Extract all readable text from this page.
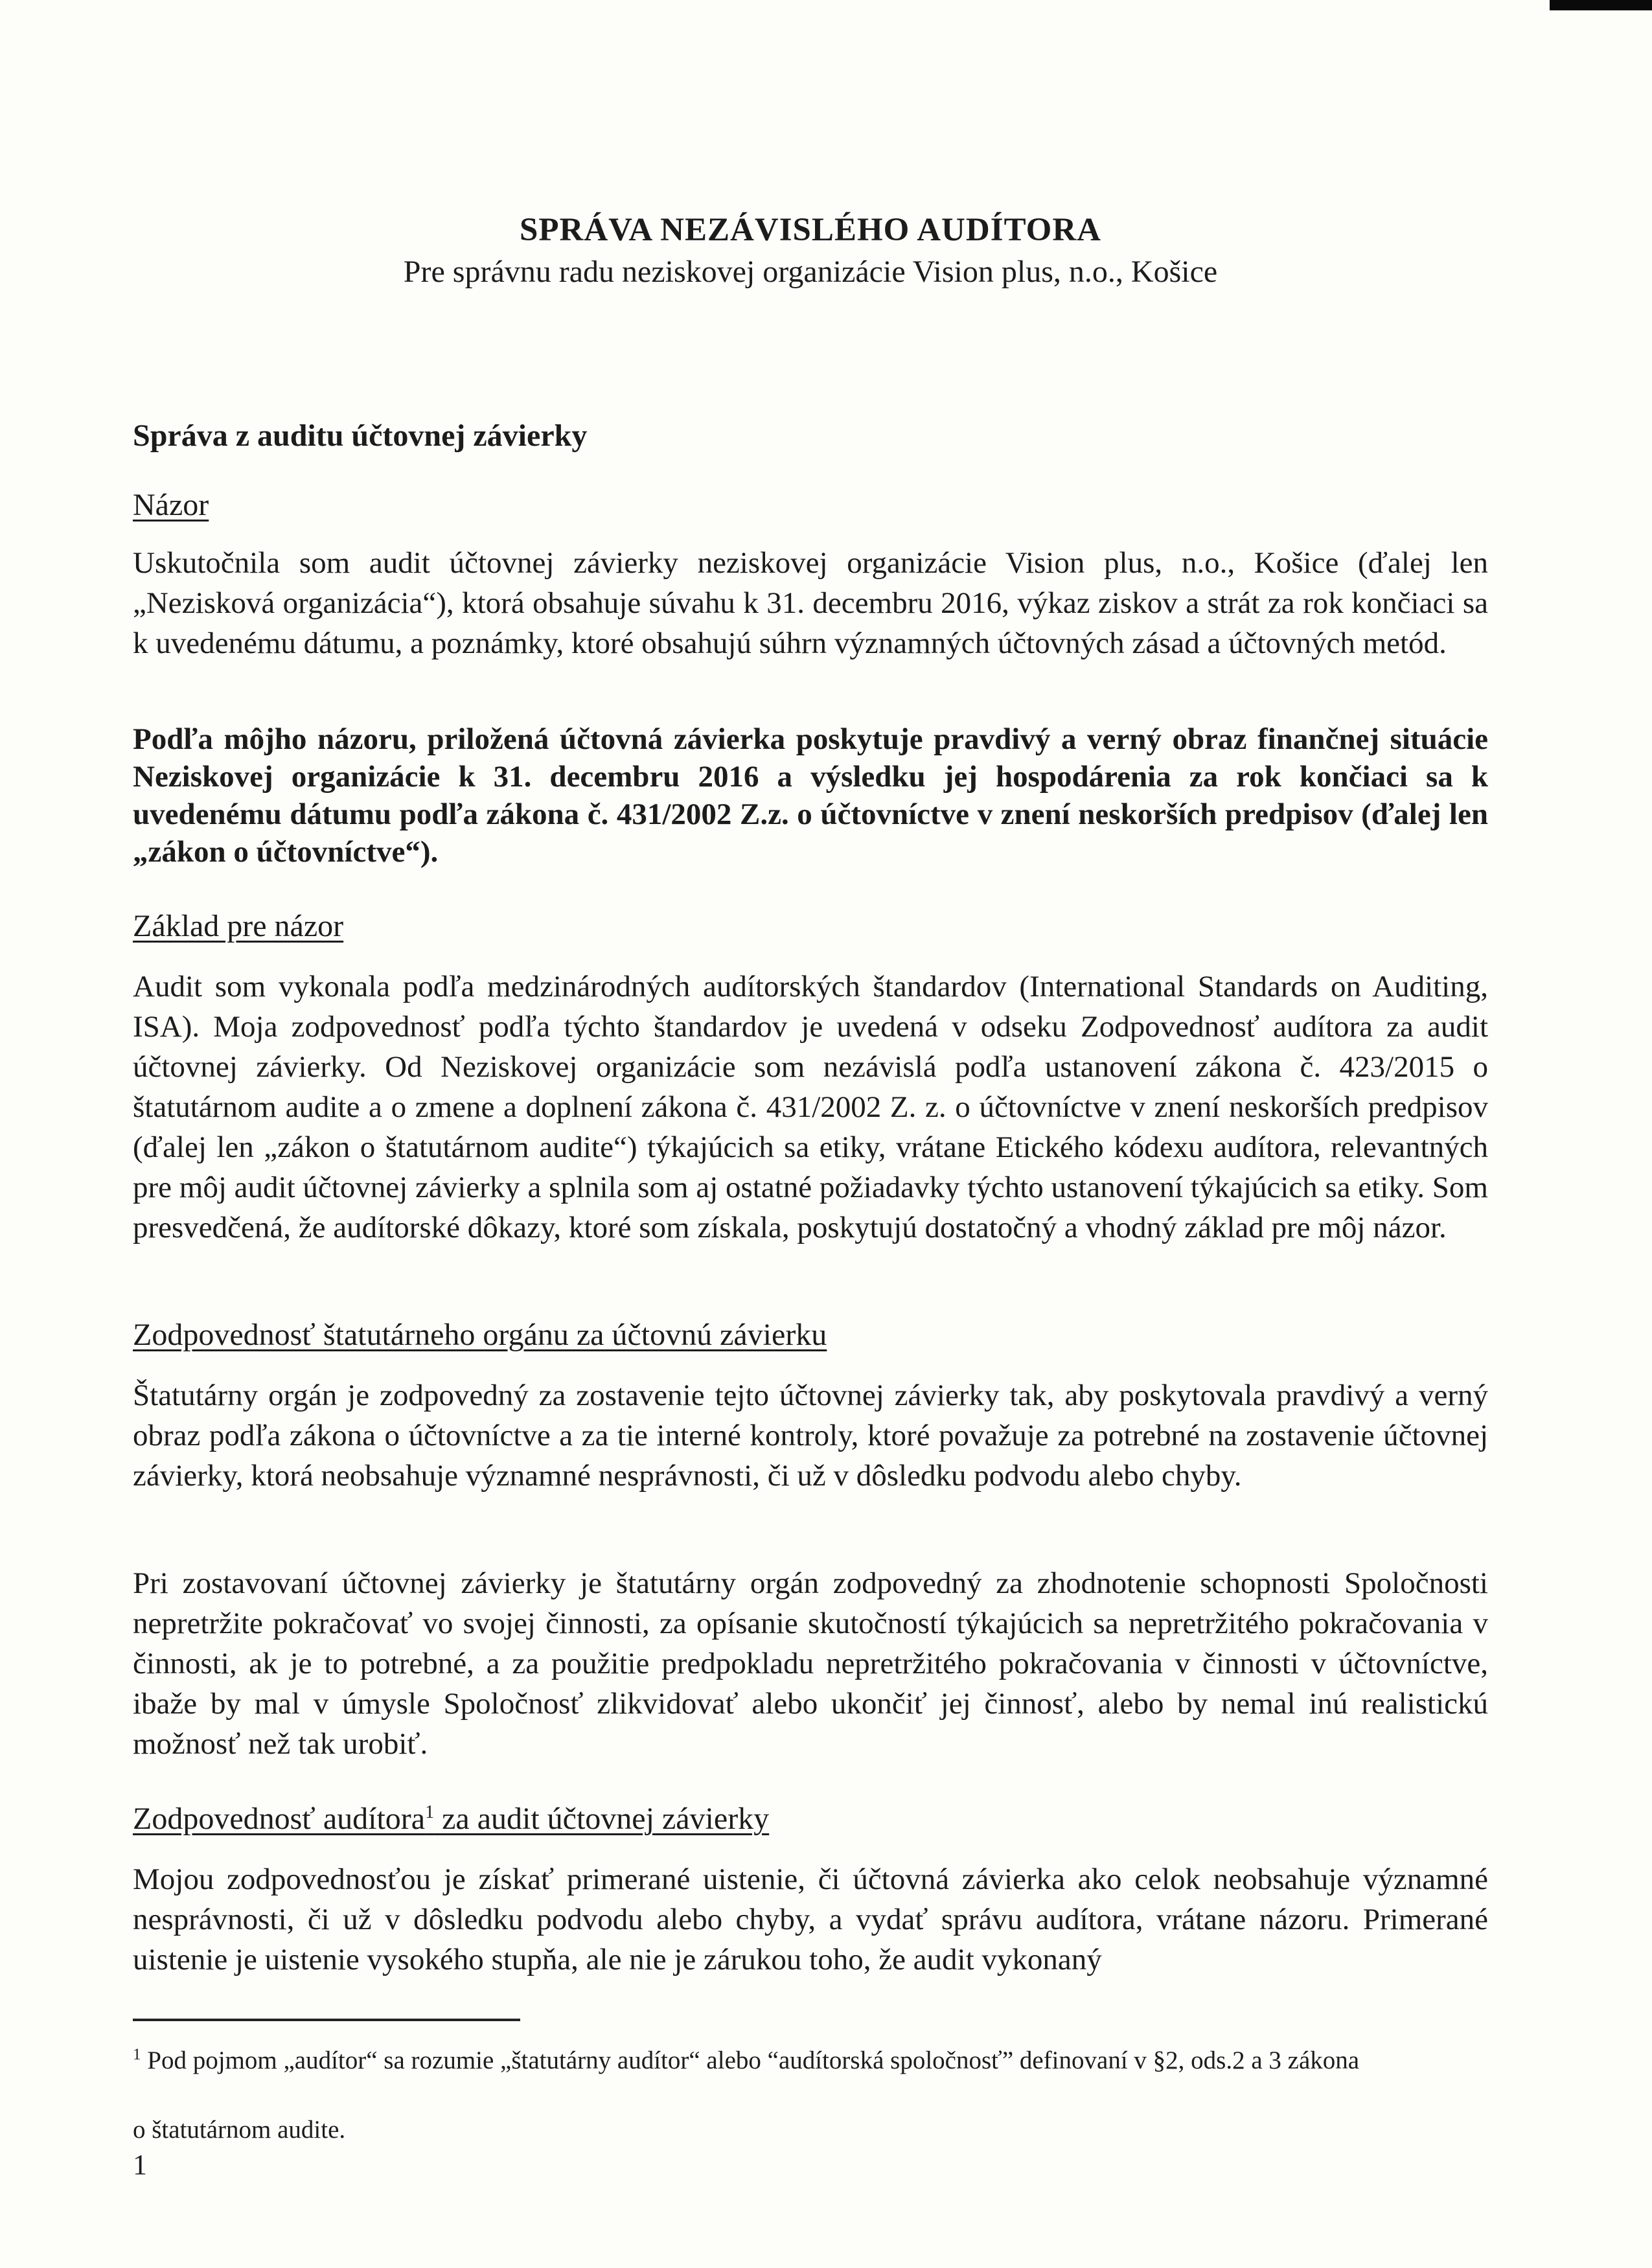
SPRÁVA NEZÁVISLÉHO AUDÍTORA
Pre správnu radu neziskovej organizácie Vision plus, n.o., Košice
Správa z auditu účtovnej závierky
Názor

Uskutočnila som audit účtovnej závierky neziskovej organizácie Vision plus, n.o., Košice (ďalej len „Nezisková organizácia“), ktorá obsahuje súvahu k 31. decembru 2016, výkaz ziskov a strát za rok končiaci sa k uvedenému dátumu, a poznámky, ktoré obsahujú súhrn významných účtovných zásad a účtovných metód.

Podľa môjho názoru, priložená účtovná závierka poskytuje pravdivý a verný obraz finančnej situácie Neziskovej organizácie k 31. decembru 2016 a výsledku jej hospodárenia za rok končiaci sa k uvedenému dátumu podľa zákona č. 431/2002 Z.z. o účtovníctve v znení neskorších predpisov (ďalej len „zákon o účtovníctve“).

Základ pre názor

Audit som vykonala podľa medzinárodných audítorských štandardov (International Standards on Auditing, ISA). Moja zodpovednosť podľa týchto štandardov je uvedená v odseku Zodpovednosť audítora za audit účtovnej závierky. Od Neziskovej organizácie som nezávislá podľa ustanovení zákona č. 423/2015 o štatutárnom audite a o zmene a doplnení zákona č. 431/2002 Z. z. o účtovníctve v znení neskorších predpisov (ďalej len „zákon o štatutárnom audite“) týkajúcich sa etiky, vrátane Etického kódexu audítora, relevantných pre môj audit účtovnej závierky a splnila som aj ostatné požiadavky týchto ustanovení týkajúcich sa etiky. Som presvedčená, že audítorské dôkazy, ktoré som získala, poskytujú dostatočný a vhodný základ pre môj názor.

Zodpovednosť štatutárneho orgánu za účtovnú závierku

Štatutárny orgán je zodpovedný za zostavenie tejto účtovnej závierky tak, aby poskytovala pravdivý a verný obraz podľa zákona o účtovníctve a za tie interné kontroly, ktoré považuje za potrebné na zostavenie účtovnej závierky, ktorá neobsahuje významné nesprávnosti, či už v dôsledku podvodu alebo chyby.

Pri zostavovaní účtovnej závierky je štatutárny orgán zodpovedný za zhodnotenie schopnosti Spoločnosti nepretržite pokračovať vo svojej činnosti, za opísanie skutočností týkajúcich sa nepretržitého pokračovania v činnosti, ak je to potrebné, a za použitie predpokladu nepretržitého pokračovania v činnosti v účtovníctve, ibaže by mal v úmysle Spoločnosť zlikvidovať alebo ukončiť jej činnosť, alebo by nemal inú realistickú možnosť než tak urobiť.

Zodpovednosť audítora$^1$ za audit účtovnej závierky

Mojou zodpovednosťou je získať primerané uistenie, či účtovná závierka ako celok neobsahuje významné nesprávnosti, či už v dôsledku podvodu alebo chyby, a vydať správu audítora, vrátane názoru. Primerané uistenie je uistenie vysokého stupňa, ale nie je zárukou toho, že audit vykonaný

$^1$ Pod pojmom „audítor“ sa rozumie „štatutárny audítor“ alebo “audítorská spoločnosť” definovaní v §2, ods.2 a 3 zákona

o štatutárnom audite.

1
